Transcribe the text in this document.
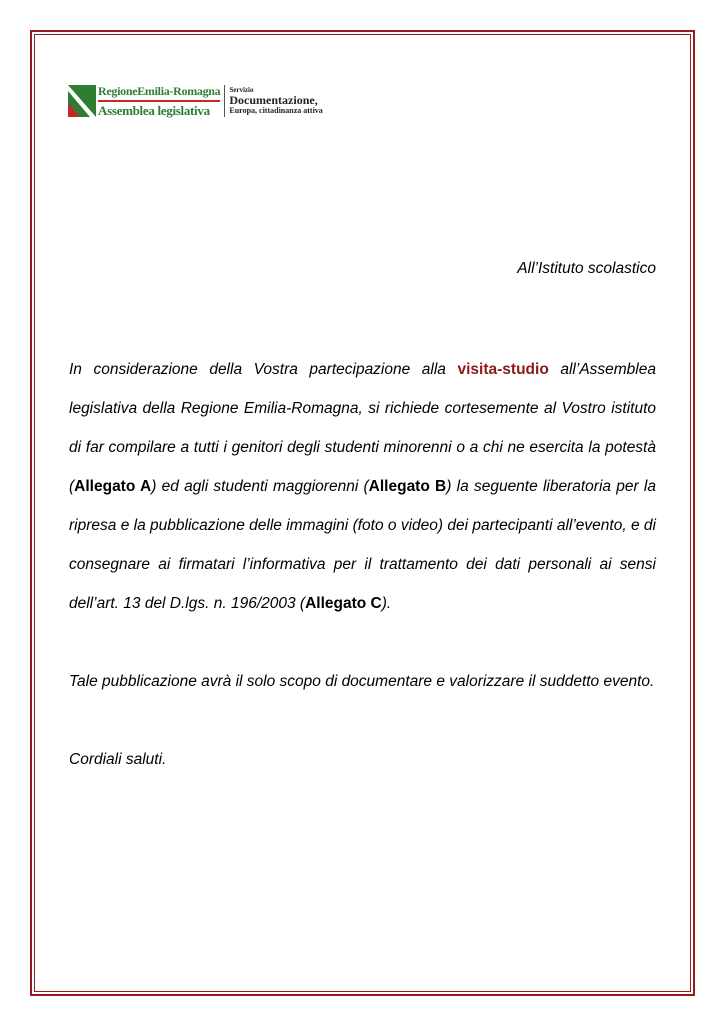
RegioneEmilia-Romagna
Assemblea legislativa
Servizio
Documentazione,
Europa, cittadinanza attiva
All’Istituto scolastico

In considerazione della Vostra partecipazione alla visita-studio all’Assemblea legislativa della Regione Emilia-Romagna, si richiede cortesemente al Vostro istituto di far compilare a tutti i genitori degli studenti minorenni o a chi ne esercita la potestà (Allegato A) ed agli studenti maggiorenni (Allegato B) la seguente liberatoria per la ripresa e la pubblicazione delle immagini (foto o video) dei partecipanti all’evento, e di consegnare ai firmatari l’informativa per il trattamento dei dati personali ai sensi dell’art. 13 del D.lgs. n. 196/2003 (Allegato C).

Tale pubblicazione avrà il solo scopo di documentare e valorizzare il suddetto evento.

Cordiali saluti.
